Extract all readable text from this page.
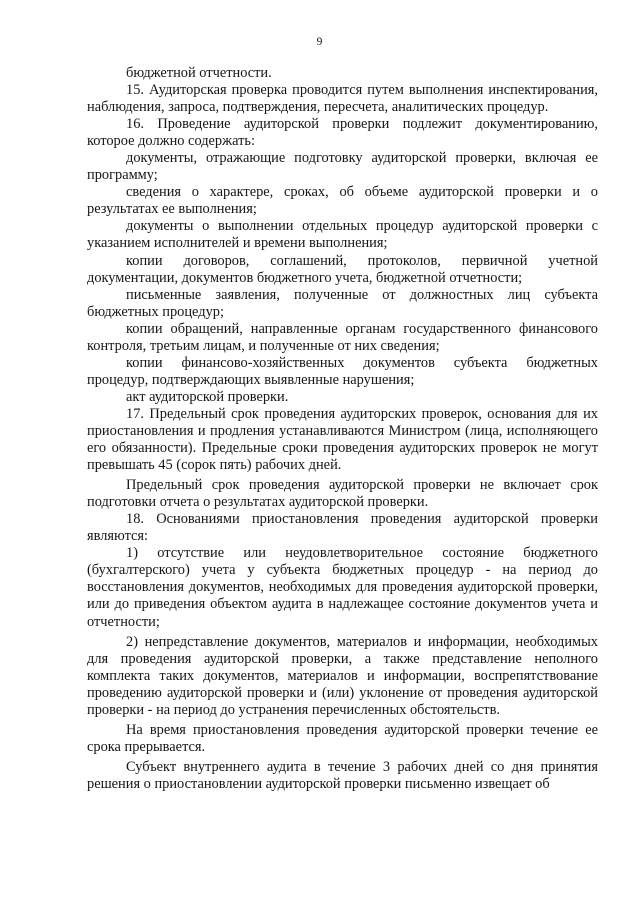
9

бюджетной отчетности.

15. Аудиторская проверка проводится путем выполнения инспектирования, наблюдения, запроса, подтверждения, пересчета, аналитических процедур.

16. Проведение аудиторской проверки подлежит документированию, которое должно содержать:

документы, отражающие подготовку аудиторской проверки, включая ее программу;

сведения о характере, сроках, об объеме аудиторской проверки и о результатах ее выполнения;

документы о выполнении отдельных процедур аудиторской проверки с указанием исполнителей и времени выполнения;

копии договоров, соглашений, протоколов, первичной учетной документации, документов бюджетного учета, бюджетной отчетности;

письменные заявления, полученные от должностных лиц субъекта бюджетных процедур;

копии обращений, направленные органам государственного финансового контроля, третьим лицам, и полученные от них сведения;

копии финансово-хозяйственных документов субъекта бюджетных процедур, подтверждающих выявленные нарушения;

акт аудиторской проверки.

17. Предельный срок проведения аудиторских проверок, основания для их приостановления и продления устанавливаются Министром (лица, исполняющего его обязанности). Предельные сроки проведения аудиторских проверок не могут превышать 45 (сорок пять) рабочих дней.

Предельный срок проведения аудиторской проверки не включает срок подготовки отчета о результатах аудиторской проверки.

18. Основаниями приостановления проведения аудиторской проверки являются:

1) отсутствие или неудовлетворительное состояние бюджетного (бухгалтерского) учета у субъекта бюджетных процедур - на период до восстановления документов, необходимых для проведения аудиторской проверки, или до приведения объектом аудита в надлежащее состояние документов учета и отчетности;

2) непредставление документов, материалов и информации, необходимых для проведения аудиторской проверки, а также представление неполного комплекта таких документов, материалов и информации, воспрепятствование проведению аудиторской проверки и (или) уклонение от проведения аудиторской проверки - на период до устранения перечисленных обстоятельств.

На время приостановления проведения аудиторской проверки течение ее срока прерывается.

Субъект внутреннего аудита в течение 3 рабочих дней со дня принятия решения о приостановлении аудиторской проверки письменно извещает об
